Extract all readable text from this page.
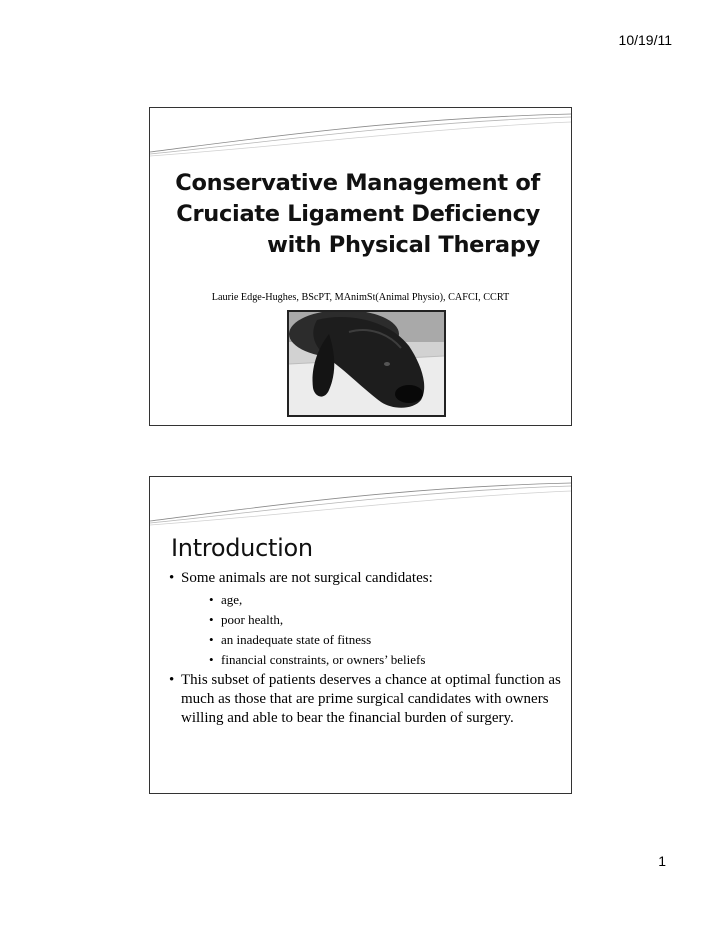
10/19/11
Conservative Management of
Cruciate Ligament Deficiency
with Physical Therapy
Laurie Edge-Hughes, BScPT, MAnimSt(Animal Physio), CAFCI, CCRT
Introduction
• Some animals are not surgical candidates:
• age,
• poor health,
• an inadequate state of fitness
• financial constraints, or owners’ beliefs
• This subset of patients deserves a chance at optimal function as much as those that are prime surgical candidates with owners willing and able to bear the financial burden of surgery.
1
